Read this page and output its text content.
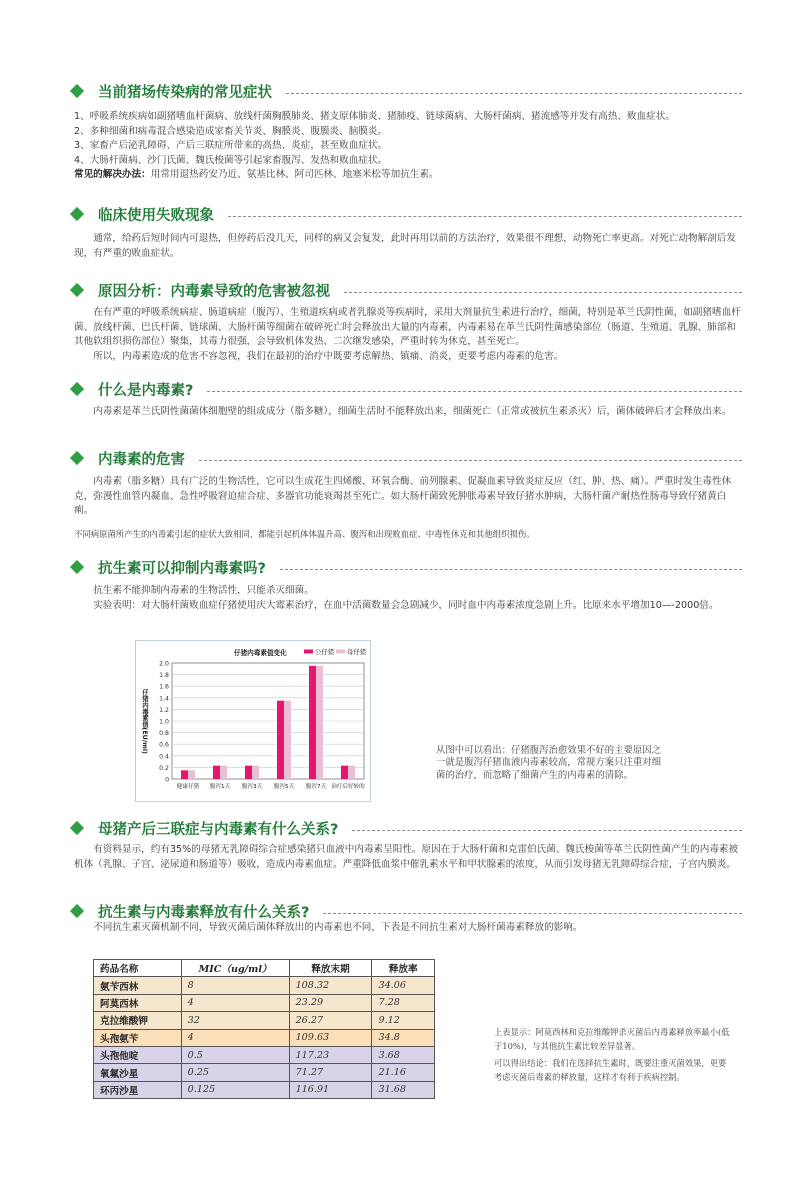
当前猪场传染病的常见症状

1、呼吸系统疾病如副猪嗜血杆菌病、放线杆菌胸膜肺炎、猪支原体肺炎、猪肺疫、链球菌病、大肠杆菌病、猪流感等并发有高热、败血症状。

2、多种细菌和病毒混合感染造成家畜关节炎、胸膜炎、腹膜炎、脑膜炎。

3、家畜产后泌乳障碍、产后三联症所带来的高热、炎症，甚至败血症状。

4、大肠杆菌病、沙门氏菌、魏氏梭菌等引起家畜腹泻、发热和败血症状。

常见的解决办法：用常用退热药安乃近、氨基比林、阿司匹林、地塞米松等加抗生素。

临床使用失败现象

通常，给药后短时间内可退热，但停药后没几天，同样的病又会复发，此时再用以前的方法治疗，效果很不理想，动物死亡率更高。对死亡动物解剖后发现，有严重的败血症状。

原因分析：内毒素导致的危害被忽视

在有严重的呼吸系统病症、肠道病症（腹泻）、生殖道疾病或者乳腺炎等疾病时，采用大剂量抗生素进行治疗，细菌，特别是革兰氏阴性菌，如副猪嗜血杆菌、放线杆菌、巴氏杆菌、链球菌、大肠杆菌等细菌在破碎死亡时会释放出大量的内毒素，内毒素易在革兰氏阴性菌感染部位（肠道、生殖道、乳腺、肺部和其他软组织损伤部位）聚集，其毒力很强，会导致机体发热、二次继发感染，严重时转为休克，甚至死亡。

所以，内毒素造成的危害不容忽视，我们在最初的治疗中既要考虑解热、镇痛、消炎，更要考虑内毒素的危害。

什么是内毒素?

内毒素是革兰氏阴性菌菌体细胞壁的组成成分（脂多糖），细菌生活时不能释放出来，细菌死亡（正常或被抗生素杀灭）后，菌体破碎后才会释放出来。

内毒素的危害

内毒素（脂多糖）具有广泛的生物活性，它可以生成花生四烯酸、环氧合酶、前列腺素、促凝血素导致炎症反应（红、肿、热、痛）。严重时发生毒性休克，弥漫性血管内凝血、急性呼吸窘迫症合症、多器官功能衰竭甚至死亡。如大肠杆菌致死肿胀毒素导致仔猪水肿病，大肠杆菌产耐热性肠毒导致仔猪黄白痢。

不同病原菌所产生的内毒素引起的症状大致相同，都能引起机体体温升高、腹泻和出现败血症、中毒性休克和其他组织损伤。

抗生素可以抑制内毒素吗?

抗生素不能抑制内毒素的生物活性，只能杀灭细菌。

实验表明：对大肠杆菌败血症仔猪使用庆大霉素治疗，在血中活菌数量会急剧减少，同时血中内毒素浓度急剧上升。比原来水平增加10—-2000倍。

0
0.2
0.4
0.6
0.8
1.0
1.2
1.4
1.6
1.8
2.0
仔猪内毒素值(EU/ml)
仔猪内毒素值变化	公仔猪 母仔猪
健康仔猪 腹泻1天 腹泻3天 腹泻5天 腹泻7天 治疗后好转的
从图中可以看出：仔猪腹泻治愈效果不好的主要原因之一就是腹泻仔猪血液内毒素较高，常规方案只注重对细菌的治疗，而忽略了细菌产生的内毒素的清除。
母猪产后三联症与内毒素有什么关系?

有资料显示，约有35%的母猪无乳障碍综合症感染猪只血液中内毒素呈阳性。原因在于大肠杆菌和克雷伯氏菌、魏氏梭菌等革兰氏阴性菌产生的内毒素被机体（乳腺、子宫、泌尿道和肠道等）吸收，造成内毒素血症。严重降低血浆中催乳素水平和甲状腺素的浓度，从而引发母猪无乳障碍综合症，子宫内膜炎。

抗生素与内毒素释放有什么关系?

不同抗生素灭菌机制不同，导致灭菌后菌体释放出的内毒素也不同，下表是不同抗生素对大肠杆菌毒素释放的影响。

药品名称	MIC（ug/ml）	释放末期	释放率
氨苄西林	8	108.32	34.06
阿莫西林	4	23.29	7.28
克拉维酸钾	32	26.27	9.12
头孢氨苄	4	109.63	34.8
头孢他啶	0.5	117.23	3.68
氧氟沙星	0.25	71.27	21.16
环丙沙星	0.125	116.91	31.68

上表显示：阿莫西林和克拉维酸钾杀灭菌后内毒素释放率最小(低于10%)，与其他抗生素比较差异显著。

可以得出结论：我们在选择抗生素时，既要注重灭菌效果，更要考虑灭菌后毒素的释放量，这样才有利于疾病控制。
